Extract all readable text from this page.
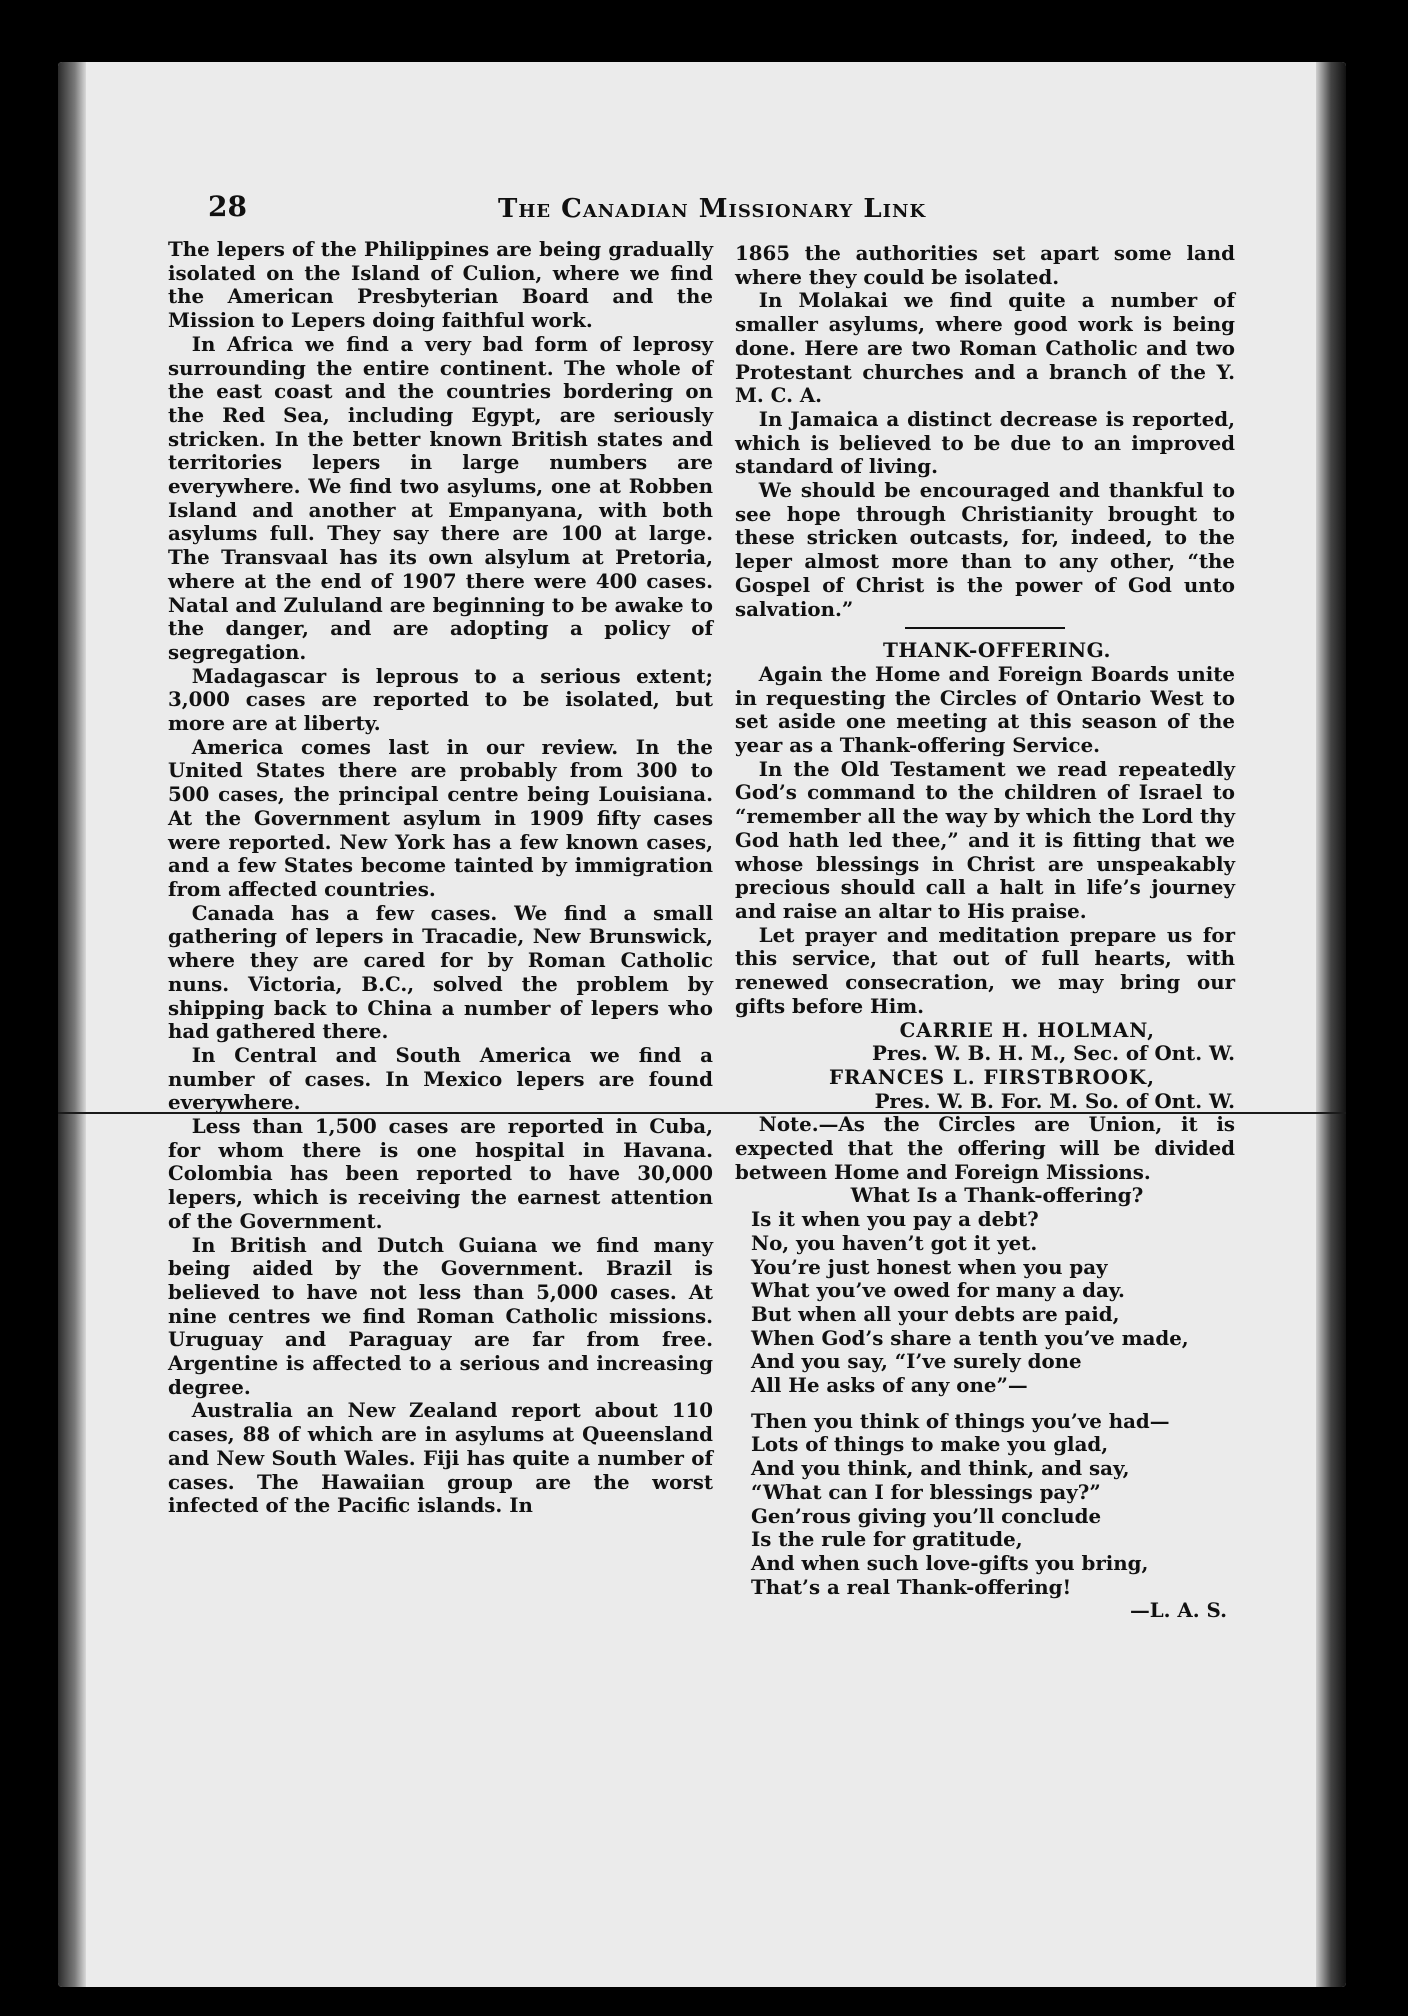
28	The Canadian Missionary Link

The lepers of the Philippines are being gradually isolated on the Island of Culion, where we find the American Presbyterian Board and the Mission to Lepers doing faithful work.

In Africa we find a very bad form of leprosy surrounding the entire continent. The whole of the east coast and the countries bordering on the Red Sea, including Egypt, are seriously stricken. In the better known British states and territories lepers in large numbers are everywhere. We find two asylums, one at Robben Island and another at Empanyana, with both asylums full. They say there are 100 at large. The Transvaal has its own alsylum at Pretoria, where at the end of 1907 there were 400 cases. Natal and Zululand are beginning to be awake to the danger, and are adopting a policy of segregation.

Madagascar is leprous to a serious extent; 3,000 cases are reported to be isolated, but more are at liberty.

America comes last in our review. In the United States there are probably from 300 to 500 cases, the principal centre being Louisiana. At the Government asylum in 1909 fifty cases were reported. New York has a few known cases, and a few States become tainted by immigration from affected countries.

Canada has a few cases. We find a small gathering of lepers in Tracadie, New Brunswick, where they are cared for by Roman Catholic nuns. Victoria, B.C., solved the problem by shipping back to China a number of lepers who had gathered there.

In Central and South America we find a number of cases. In Mexico lepers are found everywhere.

Less than 1,500 cases are reported in Cuba, for whom there is one hospital in Havana. Colombia has been reported to have 30,000 lepers, which is receiving the earnest attention of the Government.

In British and Dutch Guiana we find many being aided by the Government. Brazil is believed to have not less than 5,000 cases. At nine centres we find Roman Catholic missions. Uruguay and Paraguay are far from free. Argentine is affected to a serious and increasing degree.

Australia an New Zealand report about 110 cases, 88 of which are in asylums at Queensland and New South Wales. Fiji has quite a number of cases. The Hawaiian group are the worst infected of the Pacific islands. In

1865 the authorities set apart some land where they could be isolated.

In Molakai we find quite a number of smaller asylums, where good work is being done. Here are two Roman Catholic and two Protestant churches and a branch of the Y. M. C. A.

In Jamaica a distinct decrease is reported, which is believed to be due to an improved standard of living.

We should be encouraged and thankful to see hope through Christianity brought to these stricken outcasts, for, indeed, to the leper almost more than to any other, “the Gospel of Christ is the power of God unto salvation.”

THANK-OFFERING.

Again the Home and Foreign Boards unite in requesting the Circles of Ontario West to set aside one meeting at this season of the year as a Thank-offering Service.

In the Old Testament we read repeatedly God’s command to the children of Israel to “remember all the way by which the Lord thy God hath led thee,” and it is fitting that we whose blessings in Christ are unspeakably precious should call a halt in life’s journey and raise an altar to His praise.

Let prayer and meditation prepare us for this service, that out of full hearts, with renewed consecration, we may bring our gifts before Him.

CARRIE H. HOLMAN,

Pres. W. B. H. M., Sec. of Ont. W.

FRANCES L. FIRSTBROOK,

Pres. W. B. For. M. So. of Ont. W.

Note.—As the Circles are Union, it is expected that the offering will be divided between Home and Foreign Missions.

What Is a Thank-offering?

Is it when you pay a debt?
No, you haven’t got it yet.
You’re just honest when you pay
What you’ve owed for many a day.
But when all your debts are paid,
When God’s share a tenth you’ve made,
And you say, “I’ve surely done
All He asks of any one”—
Then you think of things you’ve had—
Lots of things to make you glad,
And you think, and think, and say,
“What can I for blessings pay?”
Gen’rous giving you’ll conclude
Is the rule for gratitude,
And when such love-gifts you bring,
That’s a real Thank-offering!

—L. A. S.
